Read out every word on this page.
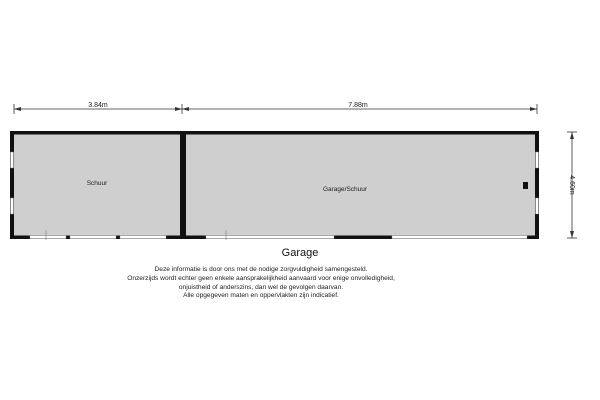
3.84m	7.88m
4.60m
Schuur
Garage/Schuur
Garage
Deze informatie is door ons met de nodige zorgvuldigheid samengesteld.
Onzerzijds wordt echter geen enkele aansprakelijkheid aanvaard voor enige onvolledigheid,
onjuistheid of anderszins, dan wel de gevolgen daarvan.
Alle opgegeven maten en oppervlakten zijn indicatief.
